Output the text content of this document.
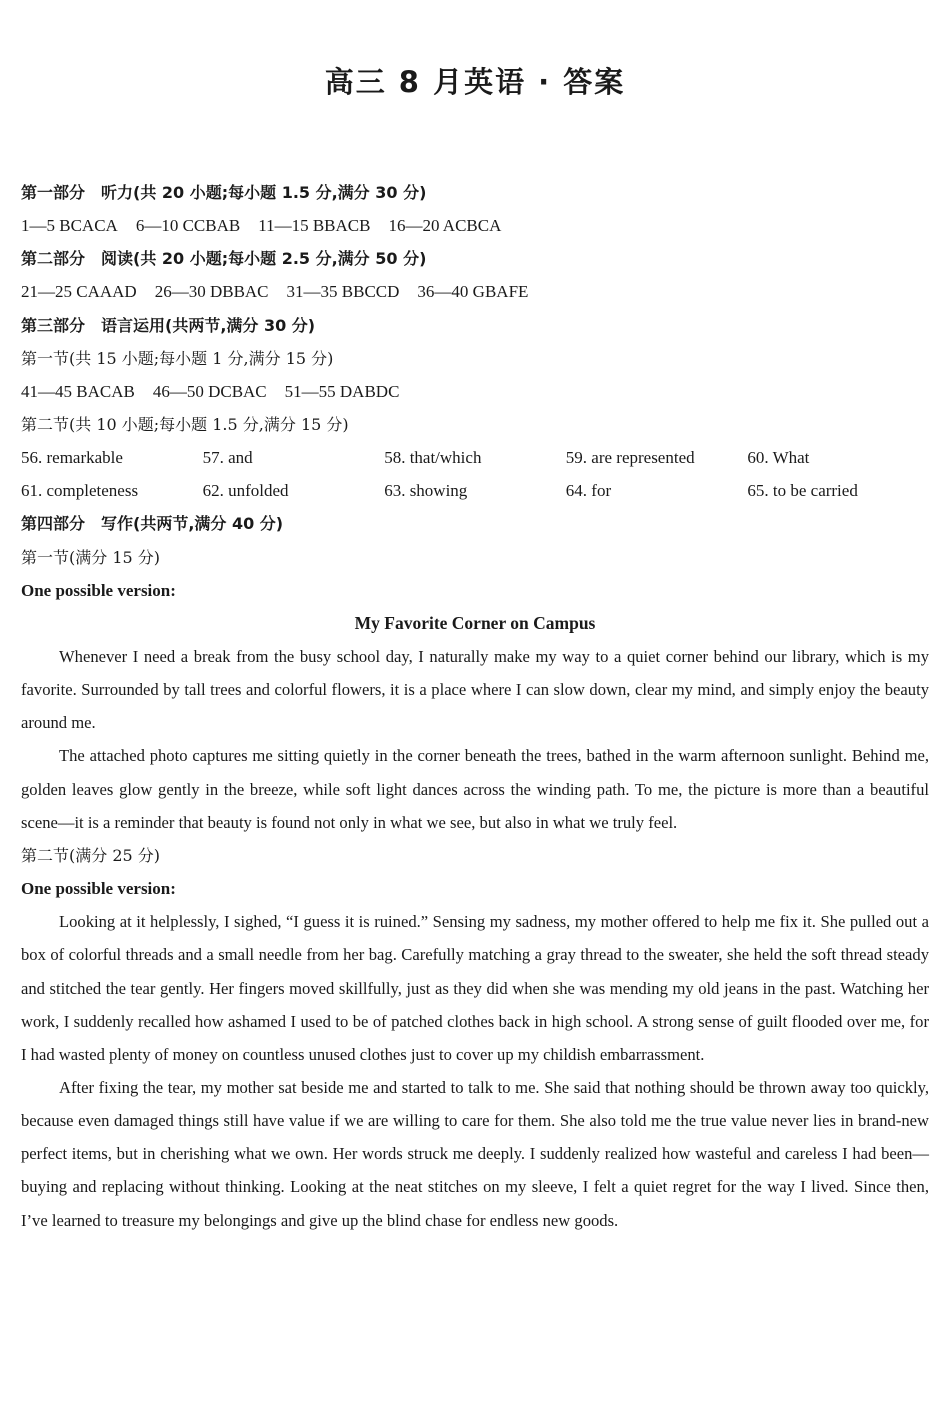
高三 8 月英语 · 答案
第一部分　听力(共 20 小题;每小题 1.5 分,满分 30 分)
1—5 BCACA 6—10 CCBAB 11—15 BBACB 16—20 ACBCA
第二部分　阅读(共 20 小题;每小题 2.5 分,满分 50 分)
21—25 CAAAD 26—30 DBBAC 31—35 BBCCD 36—40 GBAFE
第三部分　语言运用(共两节,满分 30 分)
第一节(共 15 小题;每小题 1 分,满分 15 分)
41—45 BACAB 46—50 DCBAC 51—55 DABDC
第二节(共 10 小题;每小题 1.5 分,满分 15 分)
56. remarkable	57. and	58. that/which	59. are represented	60. What
61. completeness	62. unfolded	63. showing	64. for	65. to be carried
第四部分　写作(共两节,满分 40 分)
第一节(满分 15 分)
One possible version:
My Favorite Corner on Campus

Whenever I need a break from the busy school day, I naturally make my way to a quiet corner behind our library, which is my favorite. Surrounded by tall trees and colorful flowers, it is a place where I can slow down, clear my mind, and simply enjoy the beauty around me.

The attached photo captures me sitting quietly in the corner beneath the trees, bathed in the warm afternoon sunlight. Behind me, golden leaves glow gently in the breeze, while soft light dances across the winding path. To me, the picture is more than a beautiful scene—it is a reminder that beauty is found not only in what we see, but also in what we truly feel.

第二节(满分 25 分)
One possible version:

Looking at it helplessly, I sighed, “I guess it is ruined.” Sensing my sadness, my mother offered to help me fix it. She pulled out a box of colorful threads and a small needle from her bag. Carefully matching a gray thread to the sweater, she held the soft thread steady and stitched the tear gently. Her fingers moved skillfully, just as they did when she was mending my old jeans in the past. Watching her work, I suddenly recalled how ashamed I used to be of patched clothes back in high school. A strong sense of guilt flooded over me, for I had wasted plenty of money on countless unused clothes just to cover up my childish embarrassment.

After fixing the tear, my mother sat beside me and started to talk to me. She said that nothing should be thrown away too quickly, because even damaged things still have value if we are willing to care for them. She also told me the true value never lies in brand-new perfect items, but in cherishing what we own. Her words struck me deeply. I suddenly realized how wasteful and careless I had been—buying and replacing without thinking. Looking at the neat stitches on my sleeve, I felt a quiet regret for the way I lived. Since then, I’ve learned to treasure my belongings and give up the blind chase for endless new goods.
